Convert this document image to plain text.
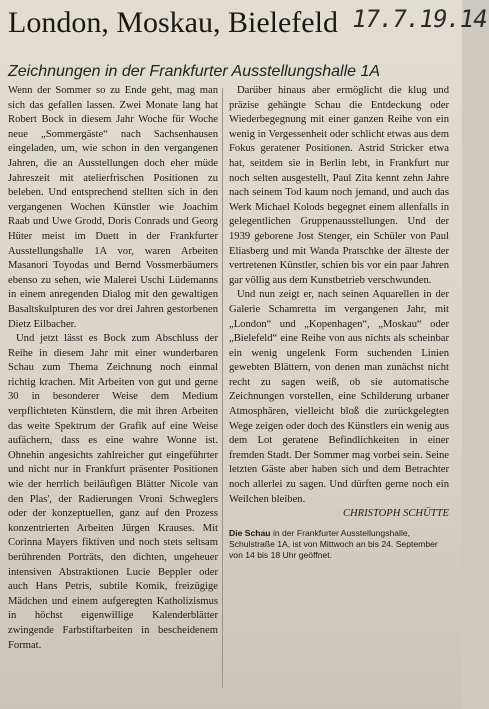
London, Moskau, Bielefeld 17.7.19.14
Zeichnungen in der Frankfurter Ausstellungshalle 1A

Wenn der Sommer so zu Ende geht, mag man sich das gefallen lassen. Zwei Monate lang hat Robert Bock in diesem Jahr Woche für Woche neue „Sommergäste“ nach Sachsenhausen eingeladen, um, wie schon in den vergangenen Jahren, die an Ausstellungen doch eher müde Jahreszeit mit atelierfrischen Positionen zu beleben. Und entsprechend stellten sich in den vergangenen Wochen Künstler wie Joachim Raab und Uwe Grodd, Doris Conrads und Georg Hüter meist im Duett in der Frankfurter Ausstellungshalle 1A vor, waren Arbeiten Masanori Toyodas und Bernd Vossmerbäumers ebenso zu sehen, wie Malerei Uschi Lüdemanns in einem anregenden Dialog mit den gewaltigen Basaltskulpturen des vor drei Jahren gestorbenen Dietz Eilbacher.

Und jetzt lässt es Bock zum Abschluss der Reihe in diesem Jahr mit einer wunderbaren Schau zum Thema Zeichnung noch einmal richtig krachen. Mit Arbeiten von gut und gerne 30 in besonderer Weise dem Medium verpflichteten Künstlern, die mit ihren Arbeiten das weite Spektrum der Grafik auf eine Weise aufächern, dass es eine wahre Wonne ist. Ohnehin angesichts zahlreicher gut eingeführter und nicht nur in Frankfurt präsenter Positionen wie der herrlich beiläufigen Blätter Nicole van den Plas', der Radierungen Vroni Schweglers oder der konzeptuellen, ganz auf den Prozess konzentrierten Arbeiten Jürgen Krauses. Mit Corinna Mayers fiktiven und noch stets seltsam berührenden Porträts, den dichten, ungeheuer intensiven Abstraktionen Lucie Beppler oder auch Hans Petris, subtile Komik, freizügige Mädchen und einem aufgeregten Katholizismus in höchst eigenwillige Kalenderblätter zwingende Farbstiftarbeiten in bescheidenem Format.

Darüber hinaus aber ermöglicht die klug und präzise gehängte Schau die Entdeckung oder Wiederbegegnung mit einer ganzen Reihe von ein wenig in Vergessenheit oder schlicht etwas aus dem Fokus geratener Positionen. Astrid Stricker etwa hat, seitdem sie in Berlin lebt, in Frankfurt nur noch selten ausgestellt, Paul Zita kennt zehn Jahre nach seinem Tod kaum noch jemand, und auch das Werk Michael Kolods begegnet einem allenfalls in gelegentlichen Gruppenausstellungen. Und der 1939 geborene Jost Stenger, ein Schüler von Paul Eliasberg und mit Wanda Pratschke der älteste der vertretenen Künstler, schien bis vor ein paar Jahren gar völlig aus dem Kunstbetrieb verschwunden.

Und nun zeigt er, nach seinen Aquarellen in der Galerie Schamretta im vergangenen Jahr, mit „London“ und „Kopenhagen“, „Moskau“ oder „Bielefeld“ eine Reihe von aus nichts als scheinbar ein wenig ungelenk Form suchenden Linien gewebten Blättern, von denen man zunächst nicht recht zu sagen weiß, ob sie automatische Zeichnungen vorstellen, eine Schilderung urbaner Atmosphären, vielleicht bloß die zurückgelegten Wege zeigen oder doch des Künstlers ein wenig aus dem Lot geratene Befindlichkeiten in einer fremden Stadt. Der Sommer mag vorbei sein. Seine letzten Gäste aber haben sich und dem Betrachter noch allerlei zu sagen. Und dürften gerne noch ein Weilchen bleiben.

CHRISTOPH SCHÜTTE

Die Schau in der Frankfurter Ausstellungshalle, Schulstraße 1A, ist von Mittwoch an bis 24. September von 14 bis 18 Uhr geöffnet.
